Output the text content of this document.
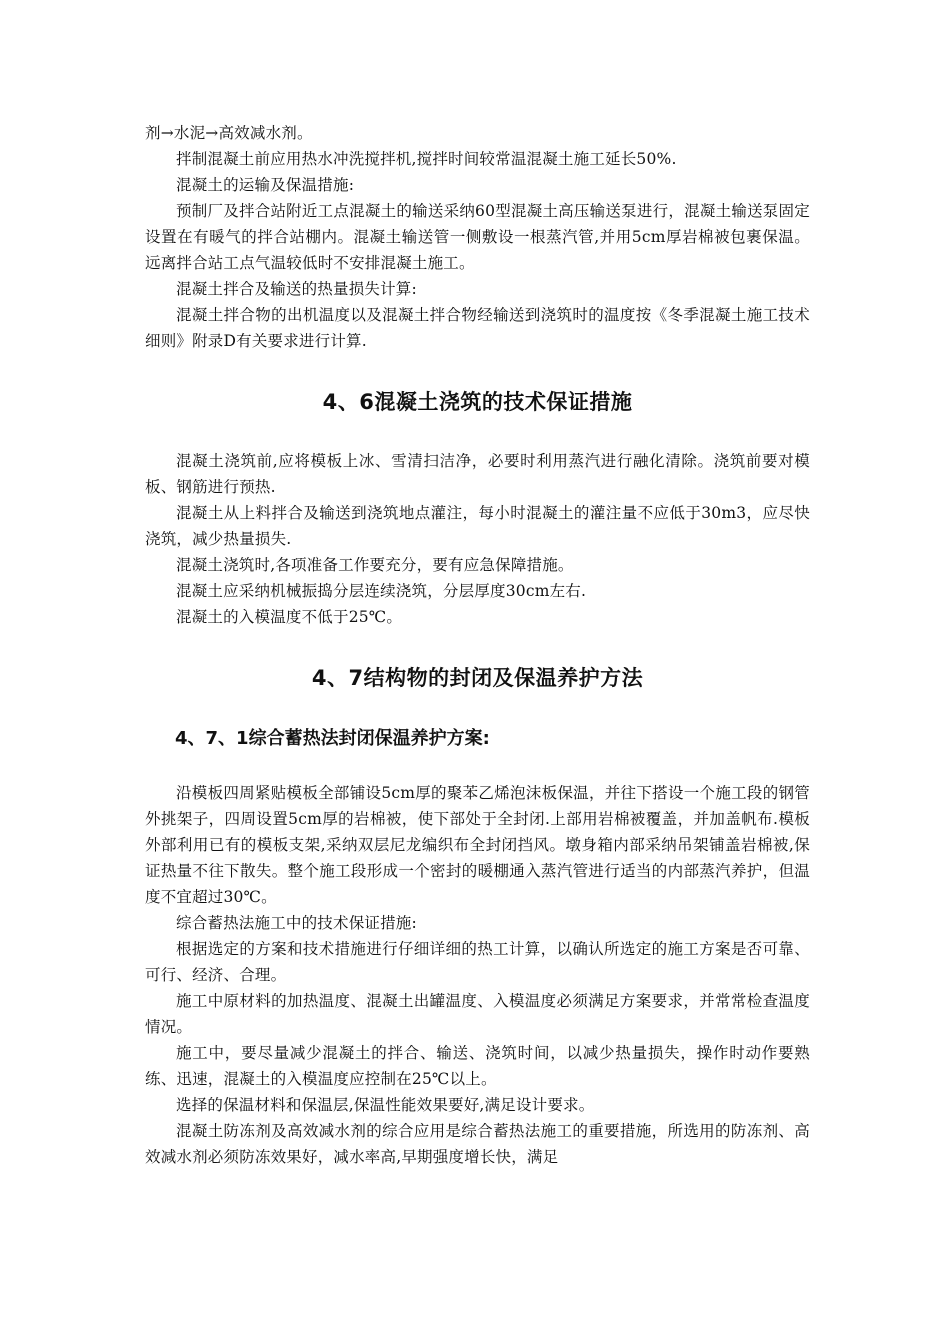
剂→水泥→高效减水剂。

拌制混凝土前应用热水冲洗搅拌机,搅拌时间较常温混凝土施工延长50%.

混凝土的运输及保温措施:

预制厂及拌合站附近工点混凝土的输送采纳60型混凝土高压输送泵进行，混凝土输送泵固定设置在有暖气的拌合站棚内。混凝土输送管一侧敷设一根蒸汽管,并用5cm厚岩棉被包裹保温。远离拌合站工点气温较低时不安排混凝土施工。

混凝土拌合及输送的热量损失计算:

混凝土拌合物的出机温度以及混凝土拌合物经输送到浇筑时的温度按《冬季混凝土施工技术细则》附录D有关要求进行计算.

4、6混凝土浇筑的技术保证措施

混凝土浇筑前,应将模板上冰、雪清扫洁净，必要时利用蒸汽进行融化清除。浇筑前要对模板、钢筋进行预热.

混凝土从上料拌合及输送到浇筑地点灌注，每小时混凝土的灌注量不应低于30m3，应尽快浇筑，减少热量损失.

混凝土浇筑时,各项准备工作要充分，要有应急保障措施。

混凝土应采纳机械振捣分层连续浇筑，分层厚度30cm左右.

混凝土的入模温度不低于25℃。

4、7结构物的封闭及保温养护方法
4、7、1综合蓄热法封闭保温养护方案:

沿模板四周紧贴模板全部铺设5cm厚的聚苯乙烯泡沫板保温，并往下搭设一个施工段的钢管外挑架子，四周设置5cm厚的岩棉被，使下部处于全封闭.上部用岩棉被覆盖，并加盖帆布.模板外部利用已有的模板支架,采纳双层尼龙编织布全封闭挡风。墩身箱内部采纳吊架铺盖岩棉被,保证热量不往下散失。整个施工段形成一个密封的暖棚通入蒸汽管进行适当的内部蒸汽养护，但温度不宜超过30℃。

综合蓄热法施工中的技术保证措施:

根据选定的方案和技术措施进行仔细详细的热工计算，以确认所选定的施工方案是否可靠、可行、经济、合理。

施工中原材料的加热温度、混凝土出罐温度、入模温度必须满足方案要求，并常常检查温度情况。

施工中，要尽量减少混凝土的拌合、输送、浇筑时间，以减少热量损失，操作时动作要熟练、迅速，混凝土的入模温度应控制在25℃以上。

选择的保温材料和保温层,保温性能效果要好,满足设计要求。

混凝土防冻剂及高效减水剂的综合应用是综合蓄热法施工的重要措施，所选用的防冻剂、高效减水剂必须防冻效果好，减水率高,早期强度增长快，满足
